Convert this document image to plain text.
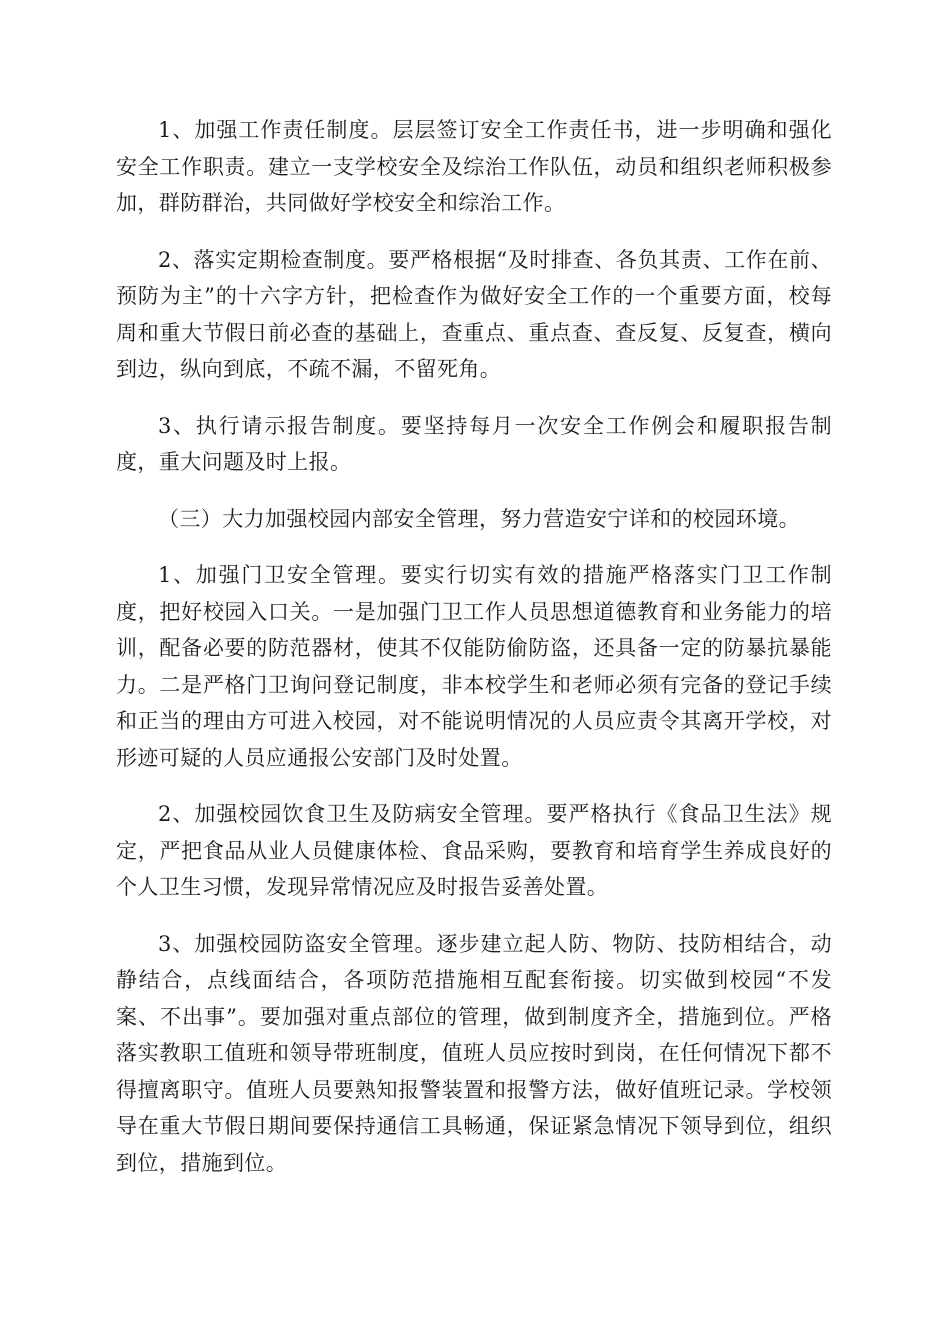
1、加强工作责任制度。层层签订安全工作责任书，进一步明确和强化安全工作职责。建立一支学校安全及综治工作队伍，动员和组织老师积极参加，群防群治，共同做好学校安全和综治工作。

2、落实定期检查制度。要严格根据“及时排查、各负其责、工作在前、预防为主”的十六字方针，把检查作为做好安全工作的一个重要方面，校每周和重大节假日前必查的基础上，查重点、重点查、查反复、反复查，横向到边，纵向到底，不疏不漏，不留死角。

3、执行请示报告制度。要坚持每月一次安全工作例会和履职报告制度，重大问题及时上报。

（三）大力加强校园内部安全管理，努力营造安宁详和的校园环境。

1、加强门卫安全管理。要实行切实有效的措施严格落实门卫工作制度，把好校园入口关。一是加强门卫工作人员思想道德教育和业务能力的培训，配备必要的防范器材，使其不仅能防偷防盗，还具备一定的防暴抗暴能力。二是严格门卫询问登记制度，非本校学生和老师必须有完备的登记手续和正当的理由方可进入校园，对不能说明情况的人员应责令其离开学校，对形迹可疑的人员应通报公安部门及时处置。

2、加强校园饮食卫生及防病安全管理。要严格执行《食品卫生法》规定，严把食品从业人员健康体检、食品采购，要教育和培育学生养成良好的个人卫生习惯，发现异常情况应及时报告妥善处置。

3、加强校园防盗安全管理。逐步建立起人防、物防、技防相结合，动静结合，点线面结合，各项防范措施相互配套衔接。切实做到校园“不发案、不出事”。要加强对重点部位的管理，做到制度齐全，措施到位。严格落实教职工值班和领导带班制度，值班人员应按时到岗，在任何情况下都不得擅离职守。值班人员要熟知报警装置和报警方法，做好值班记录。学校领导在重大节假日期间要保持通信工具畅通，保证紧急情况下领导到位，组织到位，措施到位。
